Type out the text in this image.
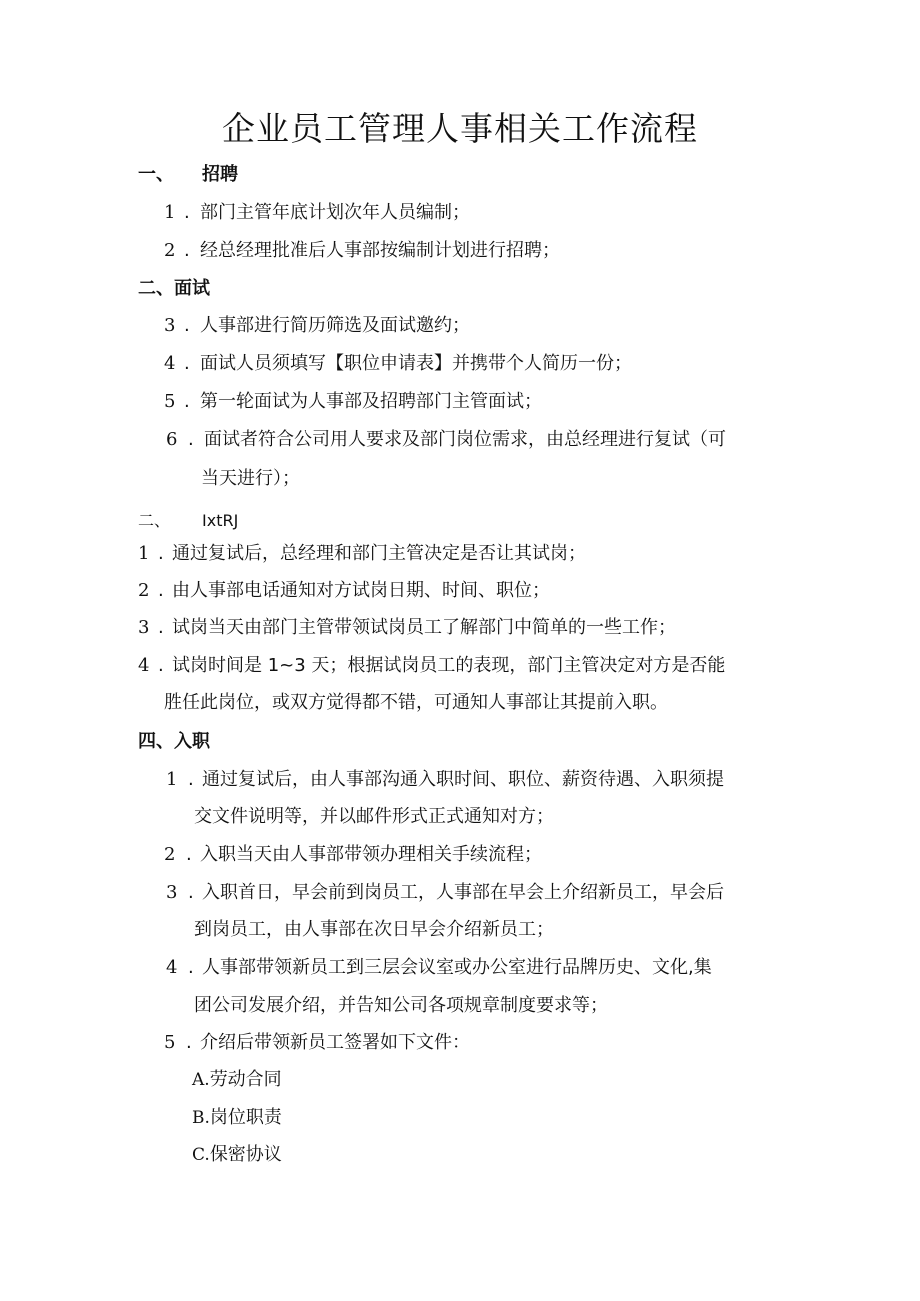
企业员工管理人事相关工作流程
一、 招聘
1 . 部门主管年底计划次年人员编制；
2 . 经总经理批准后人事部按编制计划进行招聘；
二、面试
3 . 人事部进行简历筛选及面试邀约；
4 . 面试人员须填写【职位申请表】并携带个人简历一份；
5 . 第一轮面试为人事部及招聘部门主管面试；
6 . 面试者符合公司用人要求及部门岗位需求，由总经理进行复试（可
当天进行）；
二、 IxtRJ
1 . 通过复试后，总经理和部门主管决定是否让其试岗；
2 . 由人事部电话通知对方试岗日期、时间、职位；
3 . 试岗当天由部门主管带领试岗员工了解部门中简单的一些工作；
4 . 试岗时间是 1~3 天；根据试岗员工的表现，部门主管决定对方是否能
胜任此岗位，或双方觉得都不错，可通知人事部让其提前入职。
四、入职
1 . 通过复试后，由人事部沟通入职时间、职位、薪资待遇、入职须提
交文件说明等，并以邮件形式正式通知对方；
2 . 入职当天由人事部带领办理相关手续流程；
3 . 入职首日，早会前到岗员工，人事部在早会上介绍新员工，早会后
到岗员工，由人事部在次日早会介绍新员工；
4 . 人事部带领新员工到三层会议室或办公室进行品牌历史、文化,集
团公司发展介绍，并告知公司各项规章制度要求等；
5 . 介绍后带领新员工签署如下文件：
A.劳动合同
B.岗位职责
C.保密协议
